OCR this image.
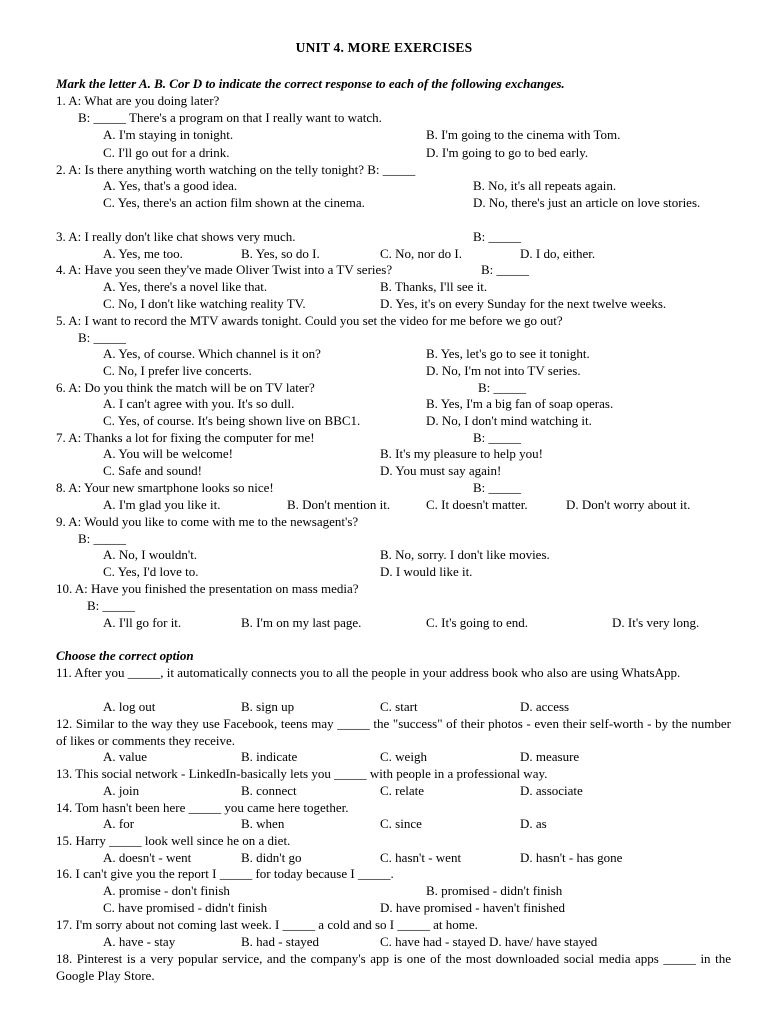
UNIT 4. MORE EXERCISES
Mark the letter A. B. Cor D to indicate the correct response to each of the following exchanges.
1. A: What are you doing later?
B: _____ There's a program on that I really want to watch.
A. I'm staying in tonight.	B. I'm going to the cinema with Tom.
C. I'll go out for a drink.	D. I'm going to go to bed early.
2. A: Is there anything worth watching on the telly tonight? B: _____
A. Yes, that's a good idea.	B. No, it's all repeats again.
C. Yes, there's an action film shown at the cinema.	D. No, there's just an article on love stories.
3. A: I really don't like chat shows very much.	B: _____
A. Yes, me too.	B. Yes, so do I.	C. No, nor do I.	D. I do, either.
4. A: Have you seen they've made Oliver Twist into a TV series?	B: _____
A. Yes, there's a novel like that.	B. Thanks, I'll see it.
C. No, I don't like watching reality TV.	D. Yes, it's on every Sunday for the next twelve weeks.
5. A: I want to record the MTV awards tonight. Could you set the video for me before we go out?
B: _____
A. Yes, of course. Which channel is it on?	B. Yes, let's go to see it tonight.
C. No, I prefer live concerts.	D. No, I'm not into TV series.
6. A: Do you think the match will be on TV later?	B: _____
A. I can't agree with you. It's so dull.	B. Yes, I'm a big fan of soap operas.
C. Yes, of course. It's being shown live on BBC1.	D. No, I don't mind watching it.
7. A: Thanks a lot for fixing the computer for me!	B: _____
A. You will be welcome!	B. It's my pleasure to help you!
C. Safe and sound!	D. You must say again!
8. A: Your new smartphone looks so nice!	B: _____
A. I'm glad you like it.	B. Don't mention it.	C. It doesn't matter.	D. Don't worry about it.
9. A: Would you like to come with me to the newsagent's?
B: _____
A. No, I wouldn't.	B. No, sorry. I don't like movies.
C. Yes, I'd love to.	D. I would like it.
10. A: Have you finished the presentation on mass media?
B: _____
A. I'll go for it.	B. I'm on my last page.	C. It's going to end.	D. It's very long.
Choose the correct option
11. After you _____, it automatically connects you to all the people in your address book who also are using WhatsApp.
A. log out	B. sign up	C. start	D. access
12. Similar to the way they use Facebook, teens may _____ the "success" of their photos - even their self-worth - by the number of likes or comments they receive.
A. value	B. indicate	C. weigh	D. measure
13. This social network - LinkedIn-basically lets you _____ with people in a professional way.
A. join	B. connect	C. relate	D. associate
14. Tom hasn't been here _____ you came here together.
A. for	B. when	C. since	D. as
15. Harry _____ look well since he on a diet.
A. doesn't - went	B. didn't go	C. hasn't - went	D. hasn't - has gone
16. I can't give you the report I _____ for today because I _____.
A. promise - don't finish	B. promised - didn't finish
C. have promised - didn't finish	D. have promised - haven't finished
17. I'm sorry about not coming last week. I _____ a cold and so I _____ at home.
A. have - stay	B. had - stayed	C. have had - stayed D. have/ have stayed
18. Pinterest is a very popular service, and the company's app is one of the most downloaded social media apps _____ in the Google Play Store.
